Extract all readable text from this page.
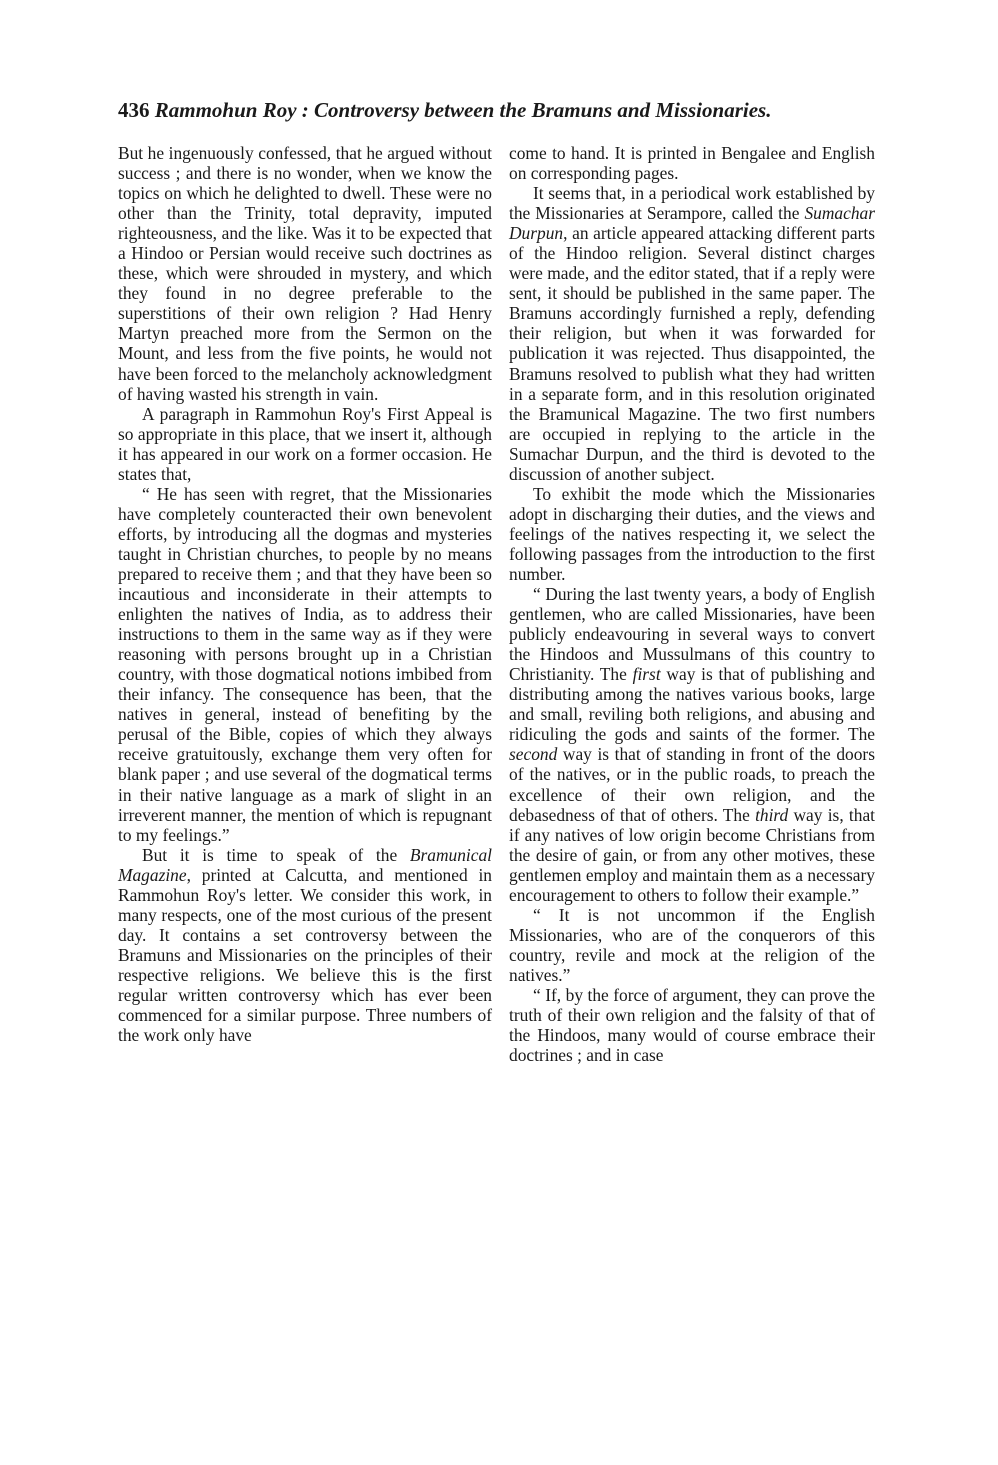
436 Rammohun Roy : Controversy between the Bramuns and Missionaries.

But he ingenuously confessed, that he argued without success ; and there is no wonder, when we know the topics on which he delighted to dwell. These were no other than the Trinity, total depravity, imputed righteousness, and the like. Was it to be expected that a Hindoo or Persian would receive such doctrines as these, which were shrouded in mystery, and which they found in no degree preferable to the superstitions of their own religion ? Had Henry Martyn preached more from the Sermon on the Mount, and less from the five points, he would not have been forced to the melancholy acknowledgment of having wasted his strength in vain.

A paragraph in Rammohun Roy's First Appeal is so appropriate in this place, that we insert it, although it has appeared in our work on a former occasion. He states that,

“ He has seen with regret, that the Missionaries have completely counteracted their own benevolent efforts, by introducing all the dogmas and mysteries taught in Christian churches, to people by no means prepared to receive them ; and that they have been so incautious and inconsiderate in their attempts to enlighten the natives of India, as to address their instructions to them in the same way as if they were reasoning with persons brought up in a Christian country, with those dogmatical notions imbibed from their infancy. The consequence has been, that the natives in general, instead of benefiting by the perusal of the Bible, copies of which they always receive gratuitously, exchange them very often for blank paper ; and use several of the dogmatical terms in their native language as a mark of slight in an irreverent manner, the mention of which is repugnant to my feelings.”

But it is time to speak of the Bramunical Magazine, printed at Calcutta, and mentioned in Rammohun Roy's letter. We consider this work, in many respects, one of the most curious of the present day. It contains a set controversy between the Bramuns and Missionaries on the principles of their respective religions. We believe this is the first regular written controversy which has ever been commenced for a similar purpose. Three numbers of the work only have

come to hand. It is printed in Bengalee and English on corresponding pages.

It seems that, in a periodical work established by the Missionaries at Serampore, called the Sumachar Durpun, an article appeared attacking different parts of the Hindoo religion. Several distinct charges were made, and the editor stated, that if a reply were sent, it should be published in the same paper. The Bramuns accordingly furnished a reply, defending their religion, but when it was forwarded for publication it was rejected. Thus disappointed, the Bramuns resolved to publish what they had written in a separate form, and in this resolution originated the Bramunical Magazine. The two first numbers are occupied in replying to the article in the Sumachar Durpun, and the third is devoted to the discussion of another subject.

To exhibit the mode which the Missionaries adopt in discharging their duties, and the views and feelings of the natives respecting it, we select the following passages from the introduction to the first number.

“ During the last twenty years, a body of English gentlemen, who are called Missionaries, have been publicly endeavouring in several ways to convert the Hindoos and Mussulmans of this country to Christianity. The first way is that of publishing and distributing among the natives various books, large and small, reviling both religions, and abusing and ridiculing the gods and saints of the former. The second way is that of standing in front of the doors of the natives, or in the public roads, to preach the excellence of their own religion, and the debasedness of that of others. The third way is, that if any natives of low origin become Christians from the desire of gain, or from any other motives, these gentlemen employ and maintain them as a necessary encouragement to others to follow their example.”

“ It is not uncommon if the English Missionaries, who are of the conquerors of this country, revile and mock at the religion of the natives.”

“ If, by the force of argument, they can prove the truth of their own religion and the falsity of that of the Hindoos, many would of course embrace their doctrines ; and in case
